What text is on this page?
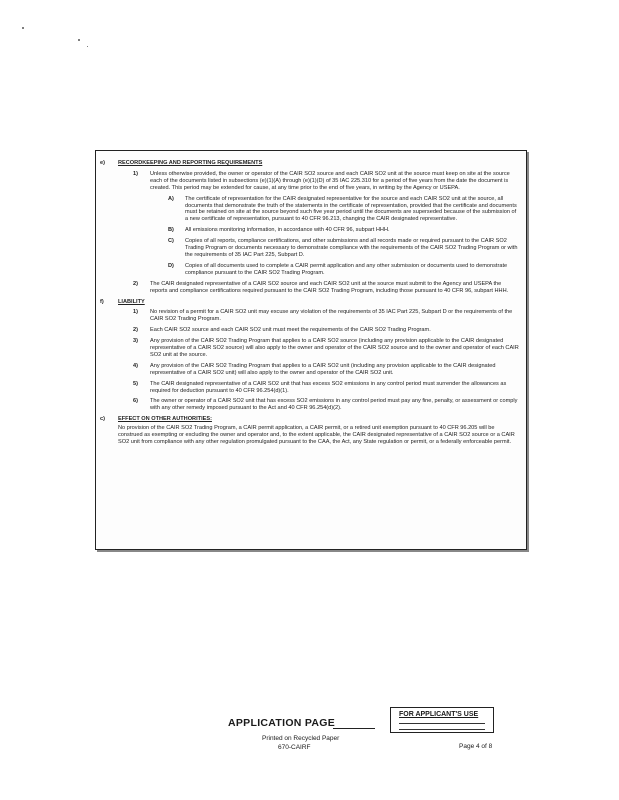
e) RECORDKEEPING AND REPORTING REQUIREMENTS
1) Unless otherwise provided, the owner or operator of the CAIR SO2 source and each CAIR SO2 unit at the source must keep on site at the source each of the documents listed in subsections (e)(1)(A) through (e)(1)(D) of 35 IAC 225.310 for a period of five years from the date the document is created. This period may be extended for cause, at any time prior to the end of five years, in writing by the Agency or USEPA.
A) The certificate of representation for the CAIR designated representative for the source and each CAIR SO2 unit at the source, all documents that demonstrate the truth of the statements in the certificate of representation, provided that the certificate and documents must be retained on site at the source beyond such five year period until the documents are superseded because of the submission of a new certificate of representation, pursuant to 40 CFR 96.213, changing the CAIR designated representative.
B) All emissions monitoring information, in accordance with 40 CFR 96, subpart HHH.
C) Copies of all reports, compliance certifications, and other submissions and all records made or required pursuant to the CAIR SO2 Trading Program or documents necessary to demonstrate compliance with the requirements of the CAIR SO2 Trading Program or with the requirements of 35 IAC Part 225, Subpart D.
D) Copies of all documents used to complete a CAIR permit application and any other submission or documents used to demonstrate compliance pursuant to the CAIR SO2 Trading Program.
2) The CAIR designated representative of a CAIR SO2 source and each CAIR SO2 unit at the source must submit to the Agency and USEPA the reports and compliance certifications required pursuant to the CAIR SO2 Trading Program, including those pursuant to 40 CFR 96, subpart HHH.
f)	LIABILITY
1) No revision of a permit for a CAIR SO2 unit may excuse any violation of the requirements of 35 IAC Part 225, Subpart D or the requirements of the CAIR SO2 Trading Program.
2) Each CAIR SO2 source and each CAIR SO2 unit must meet the requirements of the CAIR SO2 Trading Program.
3) Any provision of the CAIR SO2 Trading Program that applies to a CAIR SO2 source (including any provision applicable to the CAIR designated representative of a CAIR SO2 source) will also apply to the owner and operator of the CAIR SO2 source and to the owner and operator of each CAIR SO2 unit at the source.
4) Any provision of the CAIR SO2 Trading Program that applies to a CAIR SO2 unit (including any provision applicable to the CAIR designated representative of a CAIR SO2 unit) will also apply to the owner and operator of the CAIR SO2 unit.
5) The CAIR designated representative of a CAIR SO2 unit that has excess SO2 emissions in any control period must surrender the allowances as required for deduction pursuant to 40 CFR 96.254(d)(1).
6) The owner or operator of a CAIR SO2 unit that has excess SO2 emissions in any control period must pay any fine, penalty, or assessment or comply with any other remedy imposed pursuant to the Act and 40 CFR 96.254(d)(2).
c) EFFECT ON OTHER AUTHORITIES:
No provision of the CAIR SO2 Trading Program, a CAIR permit application, a CAIR permit, or a retired unit exemption pursuant to 40 CFR 96.205 will be construed as exempting or excluding the owner and operator and, to the extent applicable, the CAIR designated representative of a CAIR SO2 source or a CAIR SO2 unit from compliance with any other regulation promulgated pursuant to the CAA, the Act, any State regulation or permit, or a federally enforceable permit.
APPLICATION PAGE
Printed on Recycled Paper
670-CAIRF	Page 4 of 8
FOR APPLICANT'S USE
